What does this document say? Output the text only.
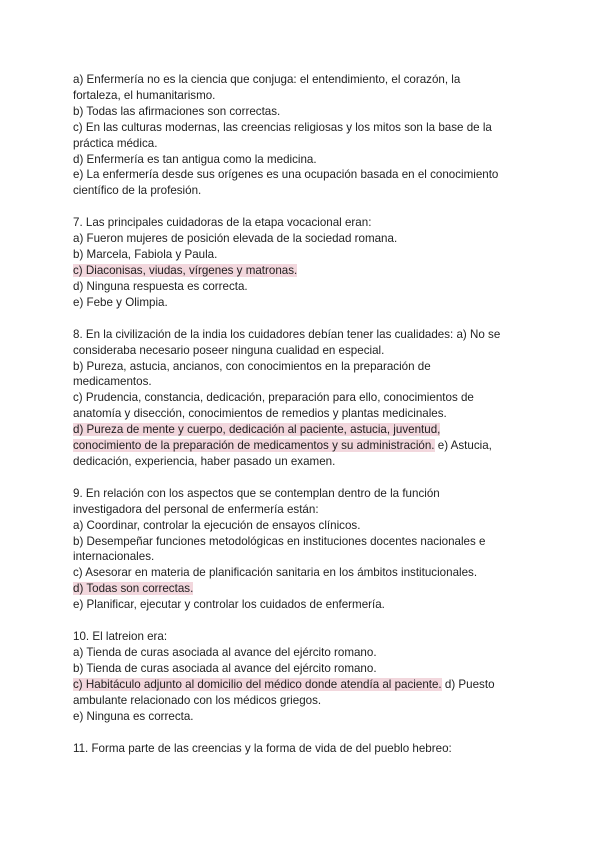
a) Enfermería no es la ciencia que conjuga: el entendimiento, el corazón, la
fortaleza, el humanitarismo.
b) Todas las afirmaciones son correctas.
c) En las culturas modernas, las creencias religiosas y los mitos son la base de la
práctica médica.
d) Enfermería es tan antigua como la medicina.
e) La enfermería desde sus orígenes es una ocupación basada en el conocimiento
científico de la profesión.
7. Las principales cuidadoras de la etapa vocacional eran:
a) Fueron mujeres de posición elevada de la sociedad romana.
b) Marcela, Fabiola y Paula.
c) Diaconisas, viudas, vírgenes y matronas.
d) Ninguna respuesta es correcta.
e) Febe y Olimpia.
8. En la civilización de la india los cuidadores debían tener las cualidades: a) No se
consideraba necesario poseer ninguna cualidad en especial.
b) Pureza, astucia, ancianos, con conocimientos en la preparación de
medicamentos.
c) Prudencia, constancia, dedicación, preparación para ello, conocimientos de
anatomía y disección, conocimientos de remedios y plantas medicinales.
d) Pureza de mente y cuerpo, dedicación al paciente, astucia, juventud,
conocimiento de la preparación de medicamentos y su administración. e) Astucia,
dedicación, experiencia, haber pasado un examen.
9. En relación con los aspectos que se contemplan dentro de la función
investigadora del personal de enfermería están:
a) Coordinar, controlar la ejecución de ensayos clínicos.
b) Desempeñar funciones metodológicas en instituciones docentes nacionales e
internacionales.
c) Asesorar en materia de planificación sanitaria en los ámbitos institucionales.
d) Todas son correctas.
e) Planificar, ejecutar y controlar los cuidados de enfermería.
10. El latreion era:
a) Tienda de curas asociada al avance del ejército romano.
b) Tienda de curas asociada al avance del ejército romano.
c) Habitáculo adjunto al domicilio del médico donde atendía al paciente. d) Puesto
ambulante relacionado con los médicos griegos.
e) Ninguna es correcta.
11. Forma parte de las creencias y la forma de vida de del pueblo hebreo:
